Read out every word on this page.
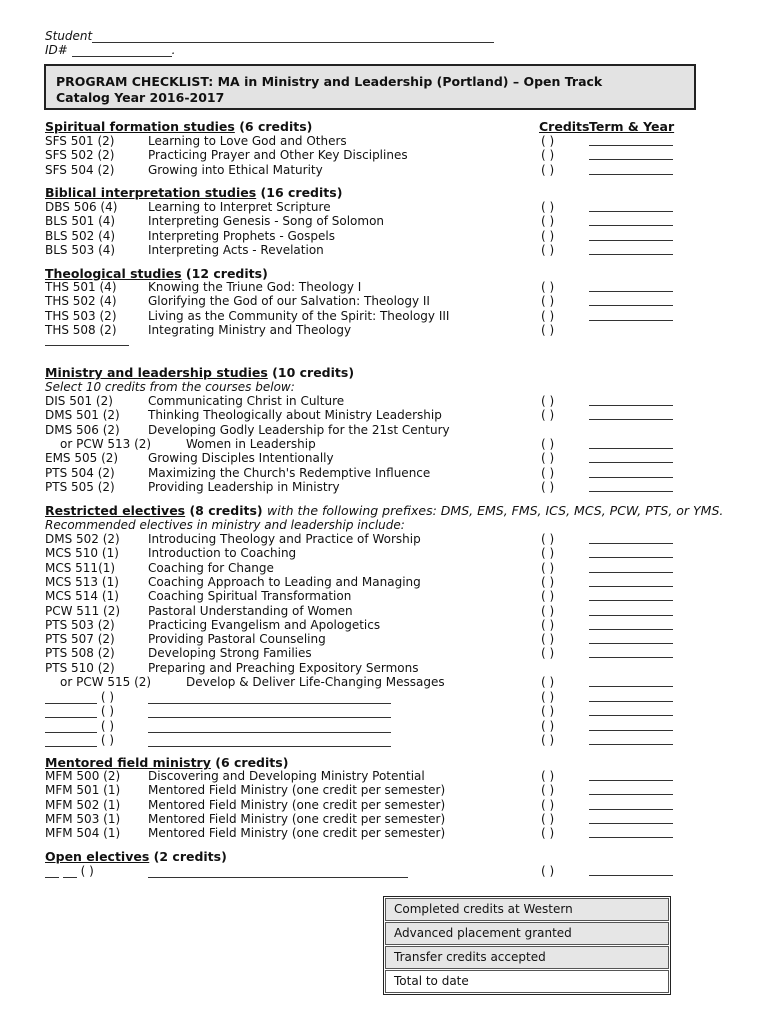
Student
ID#	.
PROGRAM CHECKLIST: MA in Ministry and Leadership (Portland) – Open Track
Catalog Year 2016-2017
Credits Term & Year
Spiritual formation studies (6 credits)
SFS 501 (2)	Learning to Love God and Others	( )
SFS 502 (2)	Practicing Prayer and Other Key Disciplines	( )
SFS 504 (2)	Growing into Ethical Maturity	( )
Biblical interpretation studies (16 credits)
DBS 506 (4)	Learning to Interpret Scripture	( )
BLS 501 (4)	Interpreting Genesis - Song of Solomon	( )
BLS 502 (4)	Interpreting Prophets - Gospels	( )
BLS 503 (4)	Interpreting Acts - Revelation	( )
Theological studies (12 credits)
THS 501 (4)	Knowing the Triune God: Theology I	( )
THS 502 (4)	Glorifying the God of our Salvation: Theology II	( )
THS 503 (2)	Living as the Community of the Spirit: Theology III	( )
THS 508 (2)	Integrating Ministry and Theology	( )
Ministry and leadership studies (10 credits)
Select 10 credits from the courses below:
DIS 501 (2)	Communicating Christ in Culture	( )
DMS 501 (2) Thinking Theologically about Ministry Leadership	( )
DMS 506 (2) Developing Godly Leadership for the 21st Century
or PCW 513 (2)	Women in Leadership	( )
EMS 505 (2) Growing Disciples Intentionally	( )
PTS 504 (2)	Maximizing the Church's Redemptive Influence	( )
PTS 505 (2)	Providing Leadership in Ministry	( )
Restricted electives (8 credits) with the following prefixes: DMS, EMS, FMS, ICS, MCS, PCW, PTS, or YMS.
Recommended electives in ministry and leadership include:
DMS 502 (2) Introducing Theology and Practice of Worship	( )
MCS 510 (1) Introduction to Coaching	( )
MCS 511(1)	Coaching for Change	( )
MCS 513 (1) Coaching Approach to Leading and Managing	( )
MCS 514 (1) Coaching Spiritual Transformation	( )
PCW 511 (2) Pastoral Understanding of Women	( )
PTS 503 (2)	Practicing Evangelism and Apologetics	( )
PTS 507 (2)	Providing Pastoral Counseling	( )
PTS 508 (2)	Developing Strong Families	( )
PTS 510 (2)	Preparing and Preaching Expository Sermons
or PCW 515 (2)	Develop & Deliver Life-Changing Messages	( )
( )	( )
( )	( )
( )	( )
( )	( )
Mentored field ministry (6 credits)
MFM 500 (2) Discovering and Developing Ministry Potential	( )
MFM 501 (1) Mentored Field Ministry (one credit per semester)	( )
MFM 502 (1) Mentored Field Ministry (one credit per semester)	( )
MFM 503 (1) Mentored Field Ministry (one credit per semester)	( )
MFM 504 (1) Mentored Field Ministry (one credit per semester)	( )
Open electives (2 credits)
( )	( )
Completed credits at Western
Advanced placement granted
Transfer credits accepted
Total to date
